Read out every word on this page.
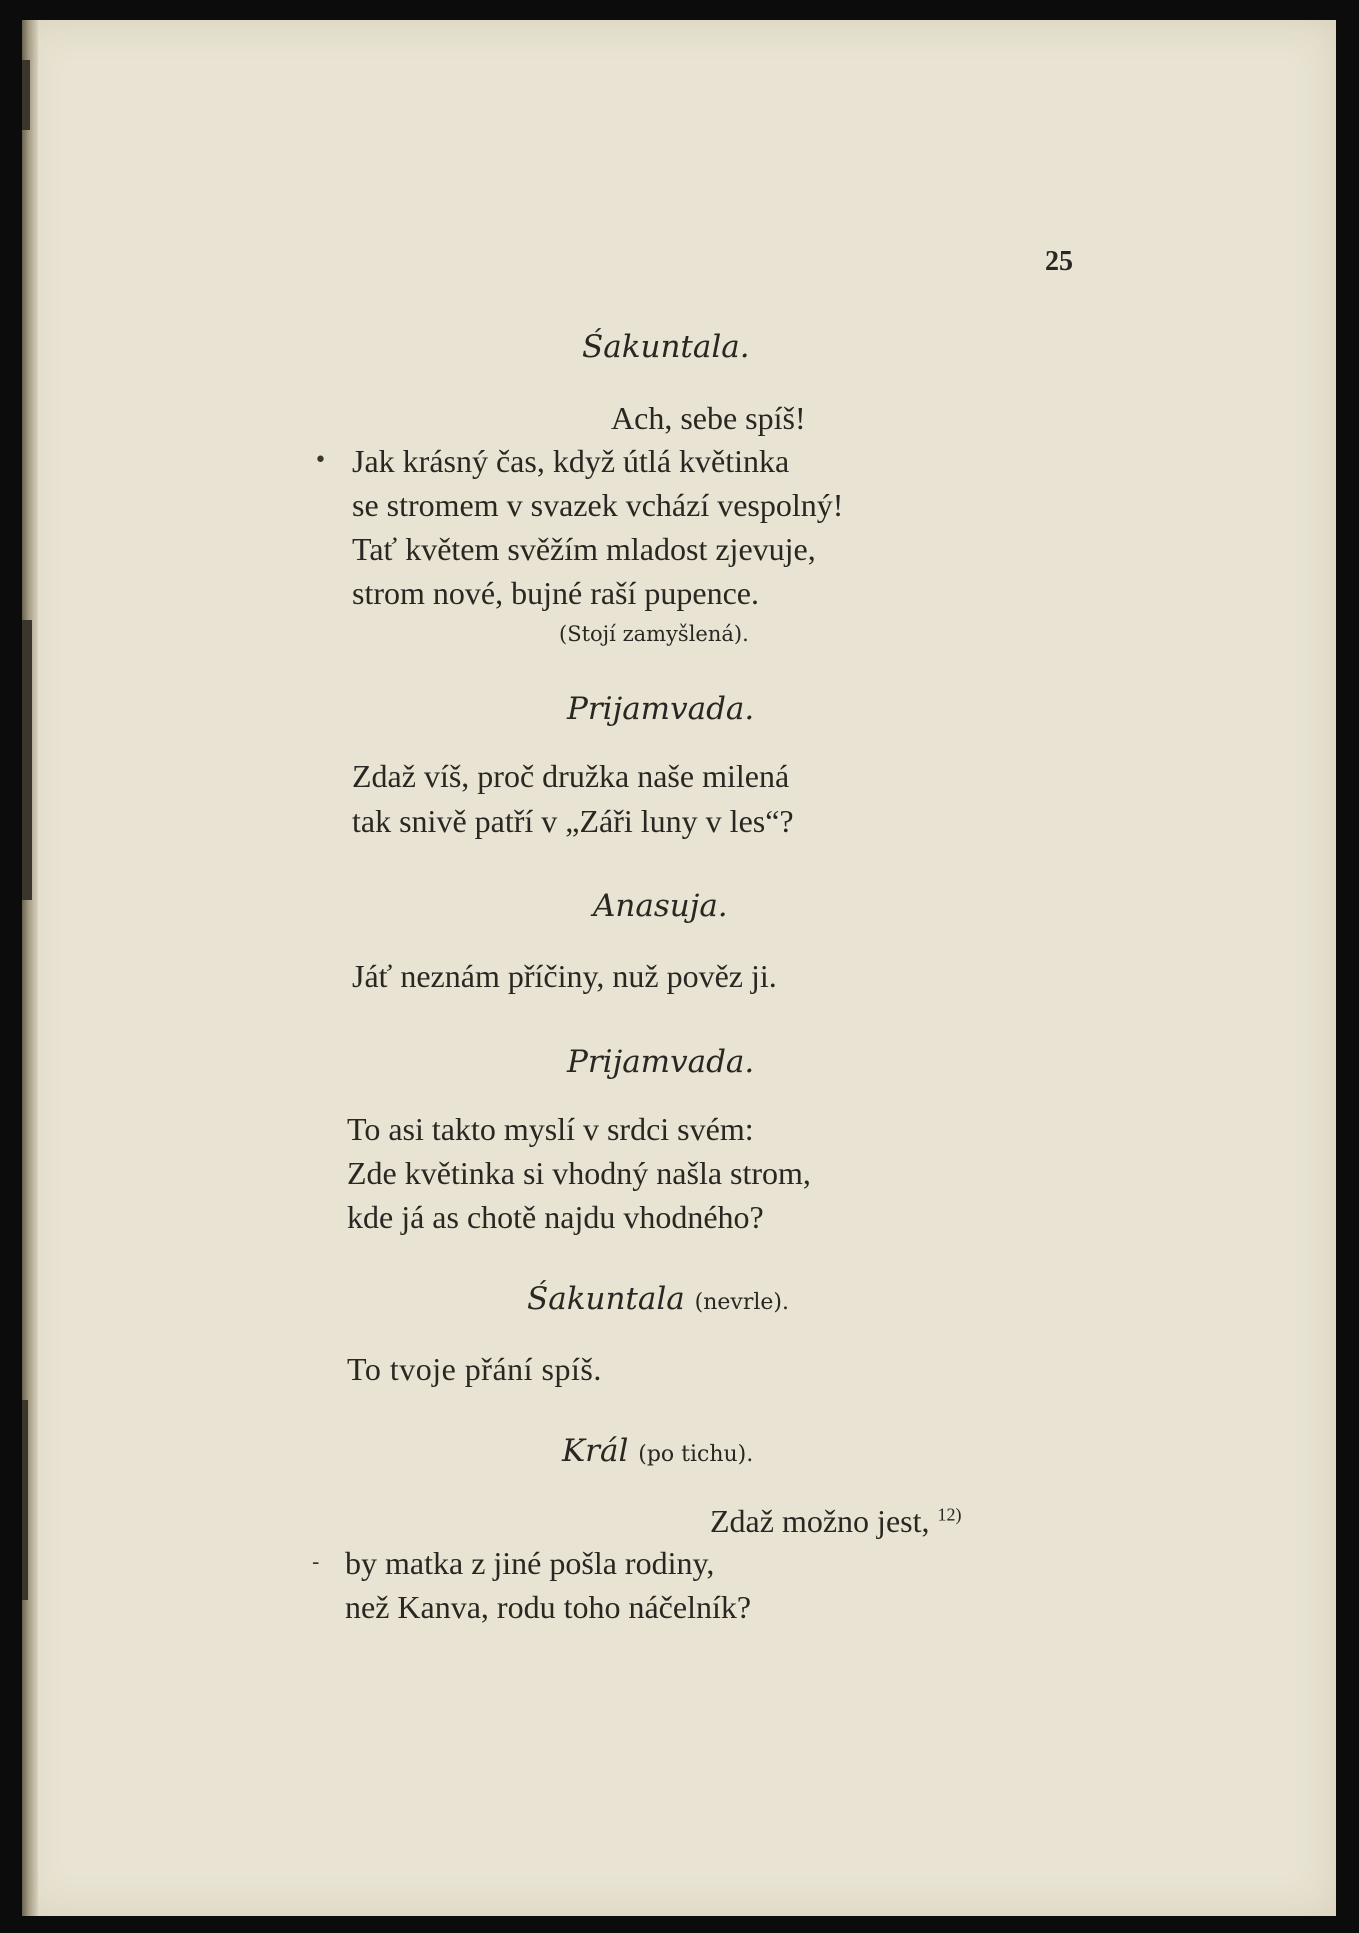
25
Śakuntala.
Ach, sebe spíš!
• Jak krásný čas, když útlá květinka
se stromem v svazek vchází vespolný!
Tať květem svěžím mladost zjevuje,
strom nové, bujné raší pupence.
(Stojí zamyšlená).
Prijamvada.
Zdaž víš, proč družka naše milená
tak snivě patří v „Záři luny v les“?
Anasuja.
Jáť neznám příčiny, nuž pověz ji.
Prijamvada.
To asi takto myslí v srdci svém:
Zde květinka si vhodný našla strom,
kde já as chotě najdu vhodného?
Śakuntala (nevrle).
To tvoje přání spíš.
Král (po tichu).
Zdaž možno jest, $^{12)}$
- by matka z jiné pošla rodiny,
než Kanva, rodu toho náčelník?
